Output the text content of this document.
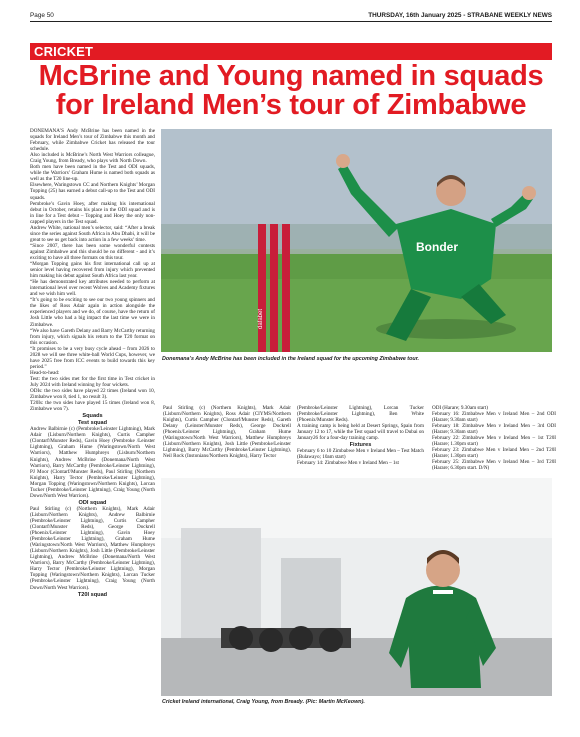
Page 50	THURSDAY, 16th January 2025 - STRABANE WEEKLY NEWS
CRICKET
McBrine and Young named in squads
for Ireland Men’s tour of Zimbabwe

DONEMANA’S Andy McBrine has been named in the squads for Ireland Men’s tour of Zimbabwe this month and February, while Zimbabwe Cricket has released the tour schedule.

Also included is McBrine’s North West Warriors colleague, Craig Young, from Bready, who plays with North Down.

Both men have been named in the Test and ODI squads, while the Warriors’ Graham Hume is named both squads as well as the T20 line-up.

Elsewhere, Waringstown CC and Northern Knights’ Morgan Topping (25) has earned a debut call-up to the Test and ODI squads.

Pembroke’s Gavin Hoey, after making his international debut in October, retains his place in the ODI squad and is in line for a Test debut – Topping and Hoey the only non-capped players in the Test squad.

Andrew White, national men’s selector, said: “After a break since the series against South Africa in Abu Dhabi, it will be great to see us get back into action in a few weeks’ time.

“Since 2007, there has been some wonderful contests against Zimbabwe and this should be no different - and it’s exciting to have all three formats on this tour.

“Morgan Topping gains his first international call up at senior level having recovered from injury which prevented him making his debut against South Africa last year.

“He has demonstrated key attributes needed to perform at international level over recent Wolves and Academy fixtures and we wish him well.

“It’s going to be exciting to see our two young spinners and the likes of Ross Adair again in action alongside the experienced players and we do, of course, have the return of Josh Little who had a big impact the last time we were in Zimbabwe.

“We also have Gareth Delany and Barry McCarthy returning from injury, which signals his return to the T20 format on this occasion.

“It promises to be a very busy cycle ahead – from 2026 to 2028 we will see three white-ball World Cups, however, we have 2025 free from ICC events to build towards this key period.”

Head-to-head:

Test: the two sides met for the first time in Test cricket in July 2024 with Ireland winning by four wickets.

ODIs: the two sides have played 22 times (Ireland won 10, Zimbabwe won 8, tied 1, no result 3).

T20Is: the two sides have played 15 times (Ireland won 8, Zimbabwe won 7).

Squads
Test squad

Andrew Balbirnie (c) (Pembroke/Leinster Lightning), Mark Adair (Lisburn/Northern Knights), Curtis Campher (Clontarf/Munster Reds), Gavin Hoey (Pembroke /Leinster Lightning), Graham Hume (Waringstown/North West Warriors), Matthew Humphreys (Lisburn/Northern Knights), Andrew McBrine (Donemana/North West Warriors), Barry McCarthy (Pembroke/Leinster Lightning), PJ Moor (Clontarf/Munster Reds), Paul Stirling (Northern Knights), Harry Tector (Pembroke/Leinster Lightning), Morgan Topping (Waringstown/Northern Knights), Lorcan Tucker (Pembroke/Leinster Lightning), Craig Young (North Down/North West Warriors).

ODI squad

Paul Stirling (c) (Northern Knights), Mark Adair (Lisburn/Northern Knights), Andrew Balbirnie (Pembroke/Leinster Lightning), Curtis Campher (Clontarf/Munster Reds), George Dockrell (Phoenix/Leinster Lightning), Gavin Hoey (Pembroke/Leinster Lightning), Graham Hume (Waringstown/North West Warriors), Matthew Humphreys (Lisburn/Northern Knights), Josh Little (Pembroke/Leinster Lightning), Andrew McBrine (Donemana/North West Warriors), Barry McCarthy (Pembroke/Leinster Lightning), Harry Tector (Pembroke/Leinster Lightning), Morgan Topping (Waringstown/Northern Knights), Lorcan Tucker (Pembroke/Leinster Lightning), Craig Young (North Down/North West Warriors).

T20I squad
dafabet
Bonder
Donemana’s Andy McBrine has been included in the Ireland squad for the upcoming Zimbabwe tour.

Paul Stirling (c) (Northern Knights), Mark Adair (Lisburn/Northern Knights), Ross Adair (CIYMS/Northern Knights), Curtis Campher (Clontarf/Munster Reds), Gareth Delany (Leinster/Munster Reds), George Dockrell (Phoenix/Leinster Lightning), Graham Hume (Waringstown/North West Warriors), Matthew Humphreys (Lisburn/Northern Knights), Josh Little (Pembroke/Leinster Lightning), Barry McCarthy (Pembroke/Leinster Lightning), Neil Rock (Instonians/Northern Knights), Harry Tector

(Pembroke/Leinster Lightning), Lorcan Tucker (Pembroke/Leinster Lightning), Ben White (Phoenix/Munster Reds).

A training camp is being held at Desert Springs, Spain from January 12 to 17, while the Test squad will travel to Dubai on January26 for a four-day training camp.

Fixtures

February 6 to 10 Zimbabwe Men v Ireland Men – Test Match (Bulawayo; 10am start)

February 14: Zimbabwe Men v Ireland Men – 1st

ODI (Harare; 9.30am start)

February 16: Zimbabwe Men v Ireland Men – 2nd ODI (Harare; 9.30am start)

February 18: Zimbabwe Men v Ireland Men – 3rd ODI (Harare; 9.30am start)

February 22: Zimbabwe Men v Ireland Men – 1st T20I (Harare; 1.30pm start)

February 23: Zimbabwe Men v Ireland Men – 2nd T20I (Harare; 1.30pm start)

February 25: Zimbabwe Men v Ireland Men – 3rd T20I (Harare; 6.30pm start. D/N)

Cricket Ireland international, Craig Young, from Bready. (Pic: Martin McKeown).
